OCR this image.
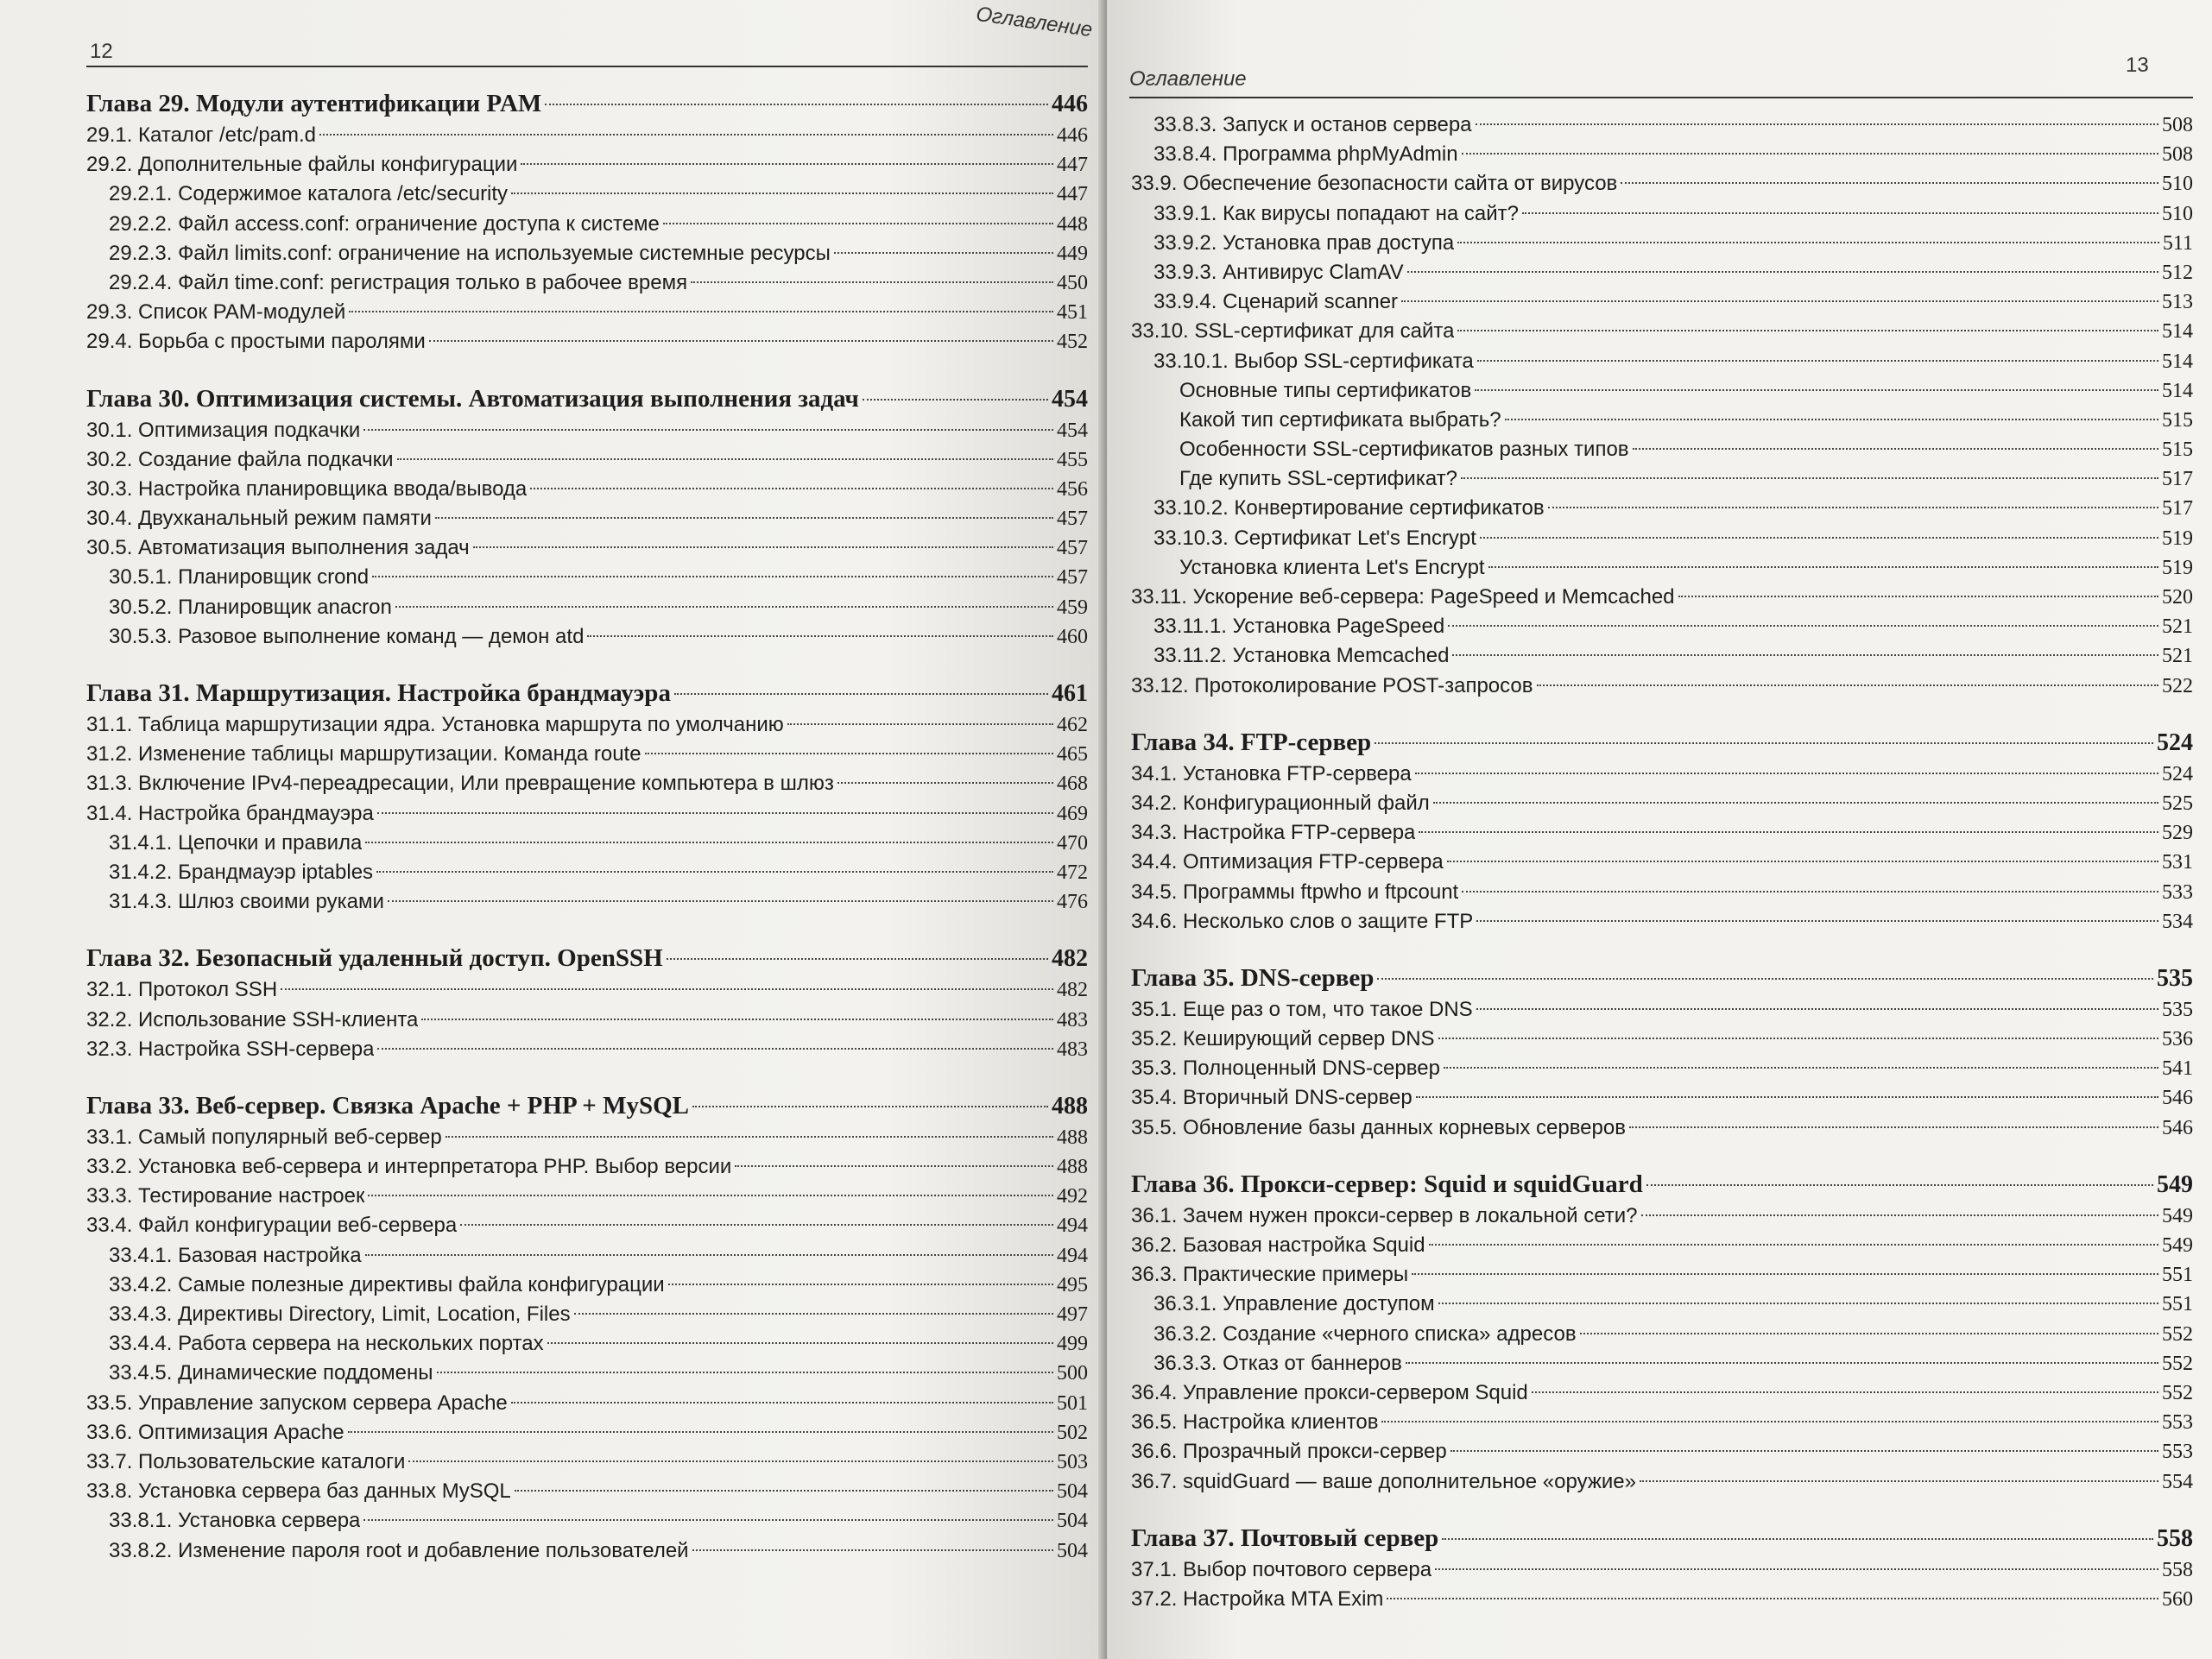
12
Оглавление
Глава 29. Модули аутентификации PAM	446
29.1. Каталог /etc/pam.d	446
29.2. Дополнительные файлы конфигурации	447
29.2.1. Содержимое каталога /etc/security	447
29.2.2. Файл access.conf: ограничение доступа к системе	448
29.2.3. Файл limits.conf: ограничение на используемые системные ресурсы	449
29.2.4. Файл time.conf: регистрация только в рабочее время	450
29.3. Список PAM-модулей	451
29.4. Борьба с простыми паролями	452
Глава 30. Оптимизация системы. Автоматизация выполнения задач	454
30.1. Оптимизация подкачки	454
30.2. Создание файла подкачки	455
30.3. Настройка планировщика ввода/вывода	456
30.4. Двухканальный режим памяти	457
30.5. Автоматизация выполнения задач	457
30.5.1. Планировщик crond	457
30.5.2. Планировщик anacron	459
30.5.3. Разовое выполнение команд — демон atd	460
Глава 31. Маршрутизация. Настройка брандмауэра	461
31.1. Таблица маршрутизации ядра. Установка маршрута по умолчанию	462
31.2. Изменение таблицы маршрутизации. Команда route	465
31.3. Включение IPv4-переадресации, Или превращение компьютера в шлюз	468
31.4. Настройка брандмауэра	469
31.4.1. Цепочки и правила	470
31.4.2. Брандмауэр iptables	472
31.4.3. Шлюз своими руками	476
Глава 32. Безопасный удаленный доступ. OpenSSH	482
32.1. Протокол SSH	482
32.2. Использование SSH-клиента	483
32.3. Настройка SSH-сервера	483
Глава 33. Веб-сервер. Связка Apache + PHP + MySQL	488
33.1. Самый популярный веб-сервер	488
33.2. Установка веб-сервера и интерпретатора PHP. Выбор версии	488
33.3. Тестирование настроек	492
33.4. Файл конфигурации веб-сервера	494
33.4.1. Базовая настройка	494
33.4.2. Самые полезные директивы файла конфигурации	495
33.4.3. Директивы Directory, Limit, Location, Files	497
33.4.4. Работа сервера на нескольких портах	499
33.4.5. Динамические поддомены	500
33.5. Управление запуском сервера Apache	501
33.6. Оптимизация Apache	502
33.7. Пользовательские каталоги	503
33.8. Установка сервера баз данных MySQL	504
33.8.1. Установка сервера	504
33.8.2. Изменение пароля root и добавление пользователей	504
Оглавление
13
33.8.3. Запуск и останов сервера	508
33.8.4. Программа phpMyAdmin	508
33.9. Обеспечение безопасности сайта от вирусов	510
33.9.1. Как вирусы попадают на сайт?	510
33.9.2. Установка прав доступа	511
33.9.3. Антивирус ClamAV	512
33.9.4. Сценарий scanner	513
33.10. SSL-сертификат для сайта	514
33.10.1. Выбор SSL-сертификата	514
Основные типы сертификатов	514
Какой тип сертификата выбрать?	515
Особенности SSL-сертификатов разных типов	515
Где купить SSL-сертификат?	517
33.10.2. Конвертирование сертификатов	517
33.10.3. Сертификат Let's Encrypt	519
Установка клиента Let's Encrypt	519
33.11. Ускорение веб-сервера: PageSpeed и Memcached	520
33.11.1. Установка PageSpeed	521
33.11.2. Установка Memcached	521
33.12. Протоколирование POST-запросов	522
Глава 34. FTP-сервер	524
34.1. Установка FTP-сервера	524
34.2. Конфигурационный файл	525
34.3. Настройка FTP-сервера	529
34.4. Оптимизация FTP-сервера	531
34.5. Программы ftpwho и ftpcount	533
34.6. Несколько слов о защите FTP	534
Глава 35. DNS-сервер	535
35.1. Еще раз о том, что такое DNS	535
35.2. Кеширующий сервер DNS	536
35.3. Полноценный DNS-сервер	541
35.4. Вторичный DNS-сервер	546
35.5. Обновление базы данных корневых серверов	546
Глава 36. Прокси-сервер: Squid и squidGuard	549
36.1. Зачем нужен прокси-сервер в локальной сети?	549
36.2. Базовая настройка Squid	549
36.3. Практические примеры	551
36.3.1. Управление доступом	551
36.3.2. Создание «черного списка» адресов	552
36.3.3. Отказ от баннеров	552
36.4. Управление прокси-сервером Squid	552
36.5. Настройка клиентов	553
36.6. Прозрачный прокси-сервер	553
36.7. squidGuard — ваше дополнительное «оружие»	554
Глава 37. Почтовый сервер	558
37.1. Выбор почтового сервера	558
37.2. Настройка MTA Exim	560
